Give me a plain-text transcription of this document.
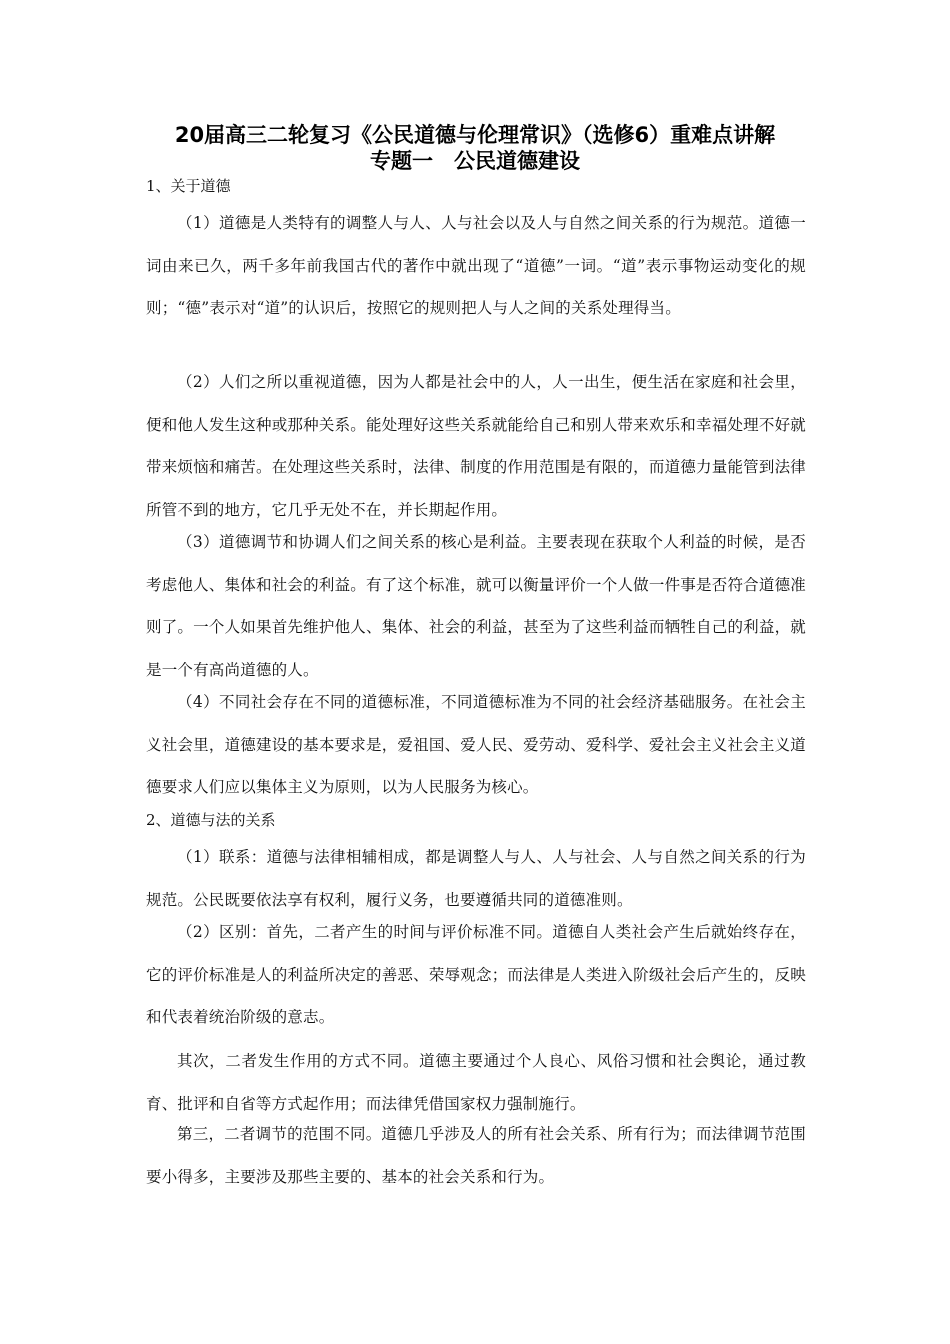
20届高三二轮复习《公民道德与伦理常识》（选修6）重难点讲解
专题一　公民道德建设
1、关于道德
（1）道德是人类特有的调整人与人、人与社会以及人与自然之间关系的行为规范。道德一词由来已久，两千多年前我国古代的著作中就出现了“道德”一词。“道”表示事物运动变化的规则；“德”表示对“道”的认识后，按照它的规则把人与人之间的关系处理得当。
（2）人们之所以重视道德，因为人都是社会中的人，人一出生，便生活在家庭和社会里，便和他人发生这种或那种关系。能处理好这些关系就能给自己和别人带来欢乐和幸福处理不好就带来烦恼和痛苦。在处理这些关系时，法律、制度的作用范围是有限的，而道德力量能管到法律所管不到的地方，它几乎无处不在，并长期起作用。
（3）道德调节和协调人们之间关系的核心是利益。主要表现在获取个人利益的时候，是否考虑他人、集体和社会的利益。有了这个标准，就可以衡量评价一个人做一件事是否符合道德准则了。一个人如果首先维护他人、集体、社会的利益，甚至为了这些利益而牺牲自己的利益，就是一个有高尚道德的人。
（4）不同社会存在不同的道德标准，不同道德标准为不同的社会经济基础服务。在社会主义社会里，道德建设的基本要求是，爱祖国、爱人民、爱劳动、爱科学、爱社会主义社会主义道德要求人们应以集体主义为原则，以为人民服务为核心。
2、道德与法的关系
（1）联系：道德与法律相辅相成，都是调整人与人、人与社会、人与自然之间关系的行为规范。公民既要依法享有权利，履行义务，也要遵循共同的道德准则。
（2）区别：首先，二者产生的时间与评价标准不同。道德自人类社会产生后就始终存在，它的评价标准是人的利益所决定的善恶、荣辱观念；而法律是人类进入阶级社会后产生的，反映和代表着统治阶级的意志。
其次，二者发生作用的方式不同。道德主要通过个人良心、风俗习惯和社会舆论，通过教育、批评和自省等方式起作用；而法律凭借国家权力强制施行。
第三，二者调节的范围不同。道德几乎涉及人的所有社会关系、所有行为；而法律调节范围要小得多，主要涉及那些主要的、基本的社会关系和行为。
